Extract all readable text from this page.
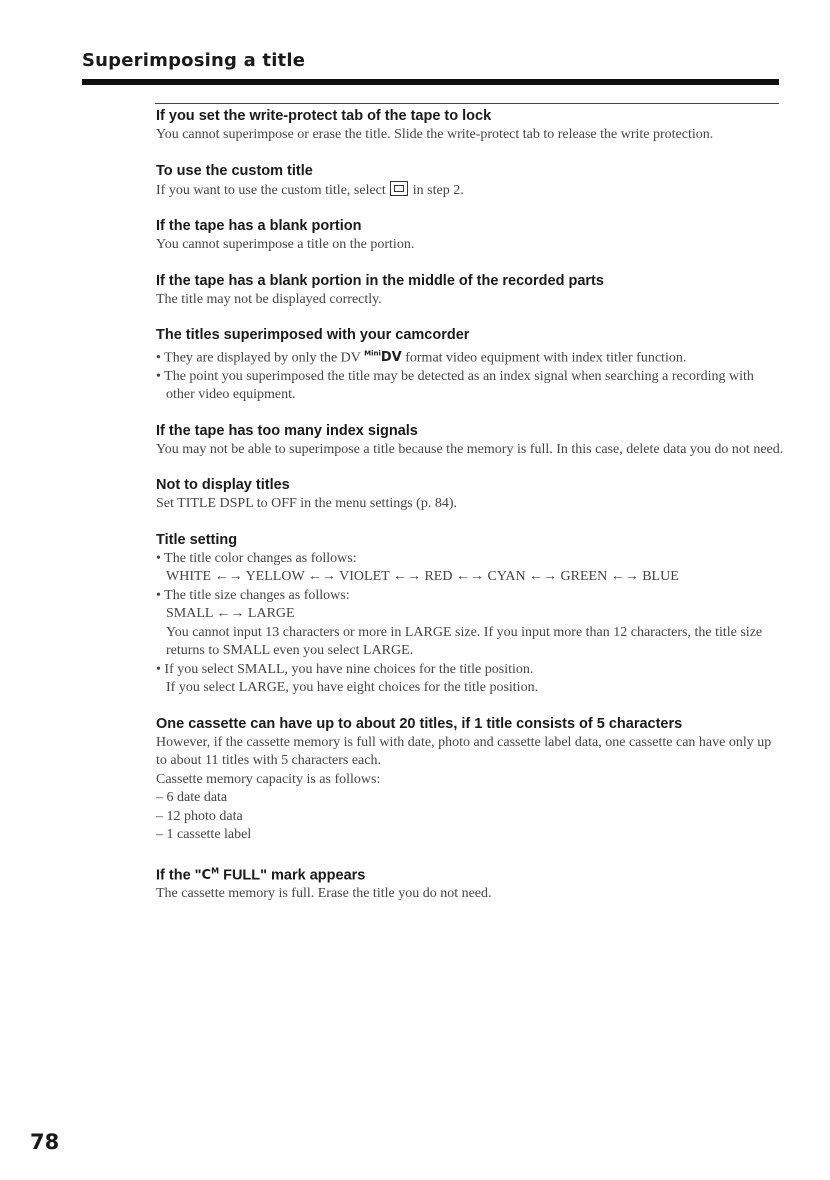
Superimposing a title

If you set the write-protect tab of the tape to lock

You cannot superimpose or erase the title. Slide the write-protect tab to release the write protection.

To use the custom title

If you want to use the custom title, select in step 2.

If the tape has a blank portion

You cannot superimpose a title on the portion.

If the tape has a blank portion in the middle of the recorded parts

The title may not be displayed correctly.

The titles superimposed with your camcorder

• They are displayed by only the DV $^{Mini}$DV format video equipment with index titler function.

• The point you superimposed the title may be detected as an index signal when searching a recording with other video equipment.

If the tape has too many index signals

You may not be able to superimpose a title because the memory is full. In this case, delete data you do not need.

Not to display titles

Set TITLE DSPL to OFF in the menu settings (p. 84).

Title setting

• The title color changes as follows:

WHITE ←→ YELLOW ←→ VIOLET ←→ RED ←→ CYAN ←→ GREEN ←→ BLUE

• The title size changes as follows:

SMALL ←→ LARGE

You cannot input 13 characters or more in LARGE size. If you input more than 12 characters, the title size returns to SMALL even you select LARGE.

• If you select SMALL, you have nine choices for the title position.

If you select LARGE, you have eight choices for the title position.

One cassette can have up to about 20 titles, if 1 title consists of 5 characters

However, if the cassette memory is full with date, photo and cassette label data, one cassette can have only up to about 11 titles with 5 characters each.

Cassette memory capacity is as follows:

– 6 date data

– 12 photo data

– 1 cassette label

If the "$C^M$ FULL" mark appears

The cassette memory is full. Erase the title you do not need.

78
